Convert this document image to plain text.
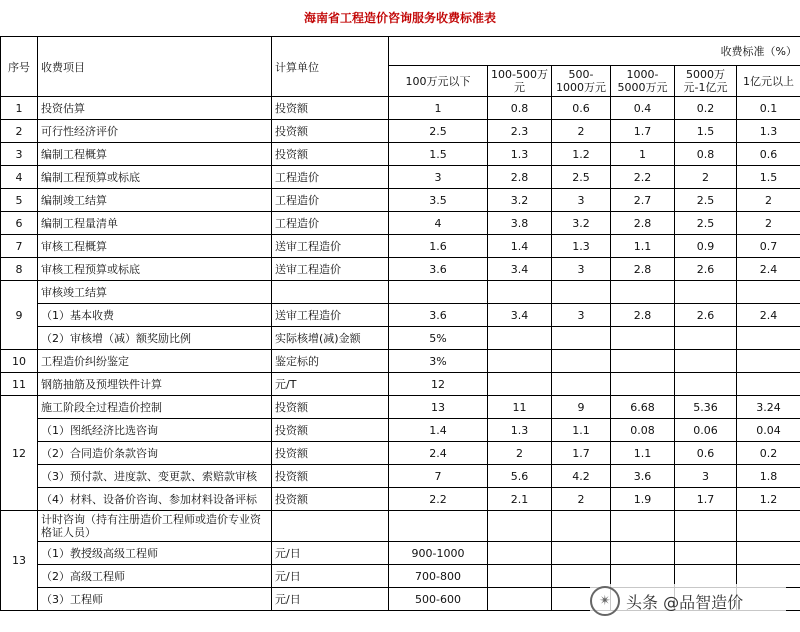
海南省工程造价咨询服务收费标准表
序号	收费项目	计算单位	收费标准（%）					
			100万元以下	100-500万元	500-1000万元	1000-5000万元	5000万元-1亿元	1亿元以上
1	投资估算	投资额	1	0.8	0.6	0.4	0.2	0.1
2	可行性经济评价	投资额	2.5	2.3	2	1.7	1.5	1.3
3	编制工程概算	投资额	1.5	1.3	1.2	1	0.8	0.6
4	编制工程预算或标底	工程造价	3	2.8	2.5	2.2	2	1.5
5	编制竣工结算	工程造价	3.5	3.2	3	2.7	2.5	2
6	编制工程量清单	工程造价	4	3.8	3.2	2.8	2.5	2
7	审核工程概算	送审工程造价	1.6	1.4	1.3	1.1	0.9	0.7
8	审核工程预算或标底	送审工程造价	3.6	3.4	3	2.8	2.6	2.4
9	审核竣工结算							
	（1）基本收费	送审工程造价	3.6	3.4	3	2.8	2.6	2.4
	（2）审核增（减）额奖励比例	实际核增(减)金额	5%					
10	工程造价纠纷鉴定	鉴定标的	3%					
11	钢筋抽筋及预埋铁件计算	元/T	12					
12	施工阶段全过程造价控制	投资额	13	11	9	6.68	5.36	3.24
	（1）图纸经济比选咨询	投资额	1.4	1.3	1.1	0.08	0.06	0.04
	（2）合同造价条款咨询	投资额	2.4	2	1.7	1.1	0.6	0.2
	（3）预付款、进度款、变更款、索赔款审核	投资额	7	5.6	4.2	3.6	3	1.8
	（4）材料、设备价咨询、参加材料设备评标	投资额	2.2	2.1	2	1.9	1.7	1.2
13	计时咨询（持有注册造价工程师或造价专业资格证人员）							
	（1）教授级高级工程师	元/日	900-1000					
	（2）高级工程师	元/日	700-800					
	（3）工程师	元/日	500-600						✴ 头条 @品智造价
